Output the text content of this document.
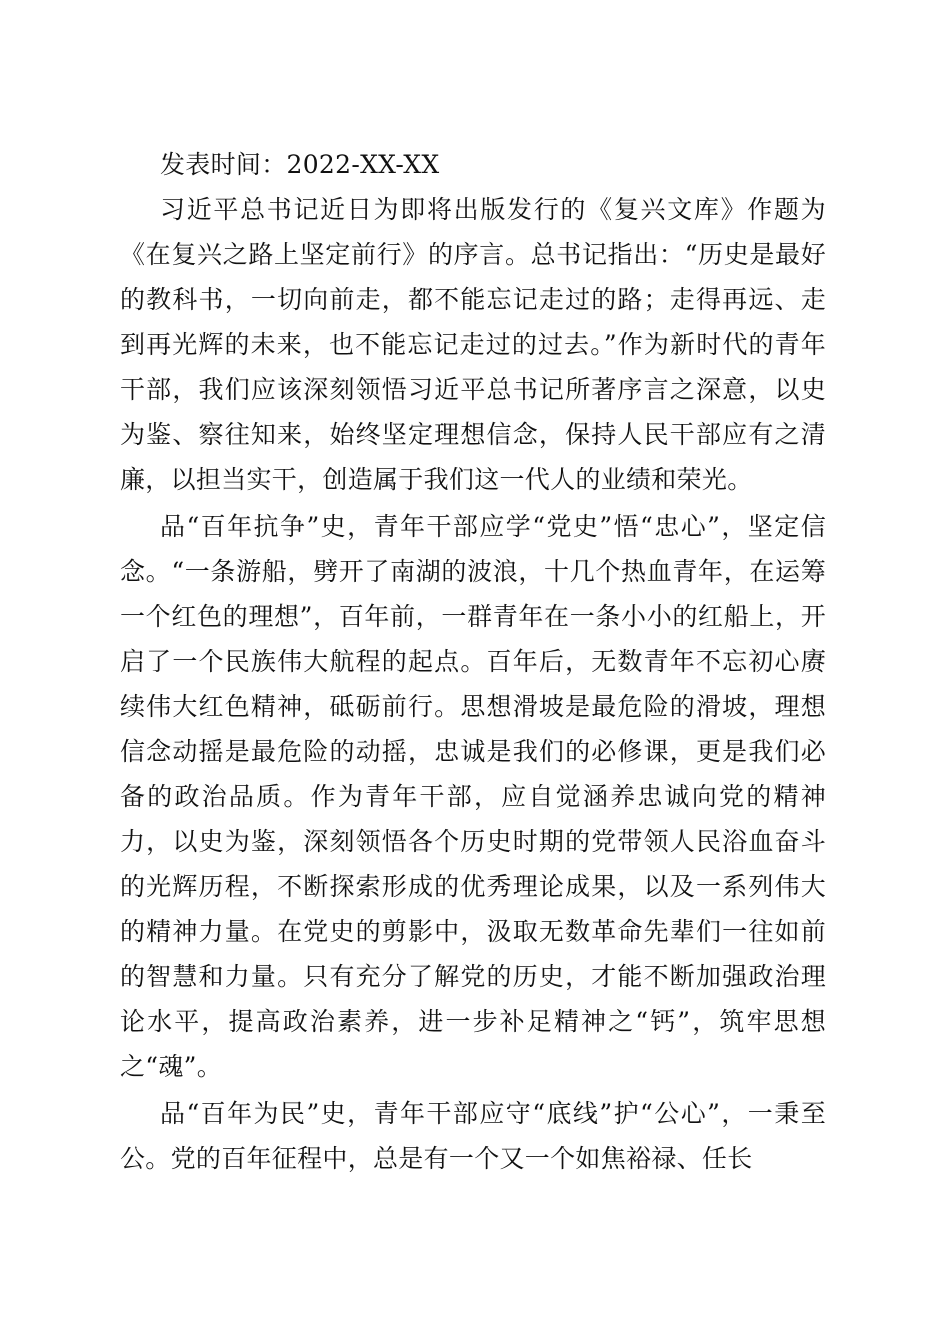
发表时间：2022-XX-XX

习近平总书记近日为即将出版发行的《复兴文库》作题为《在复兴之路上坚定前行》的序言。总书记指出：“历史是最好的教科书，一切向前走，都不能忘记走过的路；走得再远、走到再光辉的未来，也不能忘记走过的过去。”作为新时代的青年干部，我们应该深刻领悟习近平总书记所著序言之深意，以史为鉴、察往知来，始终坚定理想信念，保持人民干部应有之清廉，以担当实干，创造属于我们这一代人的业绩和荣光。

品“百年抗争”史，青年干部应学“党史”悟“忠心”，坚定信念。“一条游船，劈开了南湖的波浪，十几个热血青年，在运筹一个红色的理想”，百年前，一群青年在一条小小的红船上，开启了一个民族伟大航程的起点。百年后，无数青年不忘初心赓续伟大红色精神，砥砺前行。思想滑坡是最危险的滑坡，理想信念动摇是最危险的动摇，忠诚是我们的必修课，更是我们必备的政治品质。作为青年干部，应自觉涵养忠诚向党的精神力，以史为鉴，深刻领悟各个历史时期的党带领人民浴血奋斗的光辉历程，不断探索形成的优秀理论成果，以及一系列伟大的精神力量。在党史的剪影中，汲取无数革命先辈们一往如前的智慧和力量。只有充分了解党的历史，才能不断加强政治理论水平，提高政治素养，进一步补足精神之“钙”，筑牢思想之“魂”。

品“百年为民”史，青年干部应守“底线”护“公心”，一秉至公。党的百年征程中，总是有一个又一个如焦裕禄、任长
